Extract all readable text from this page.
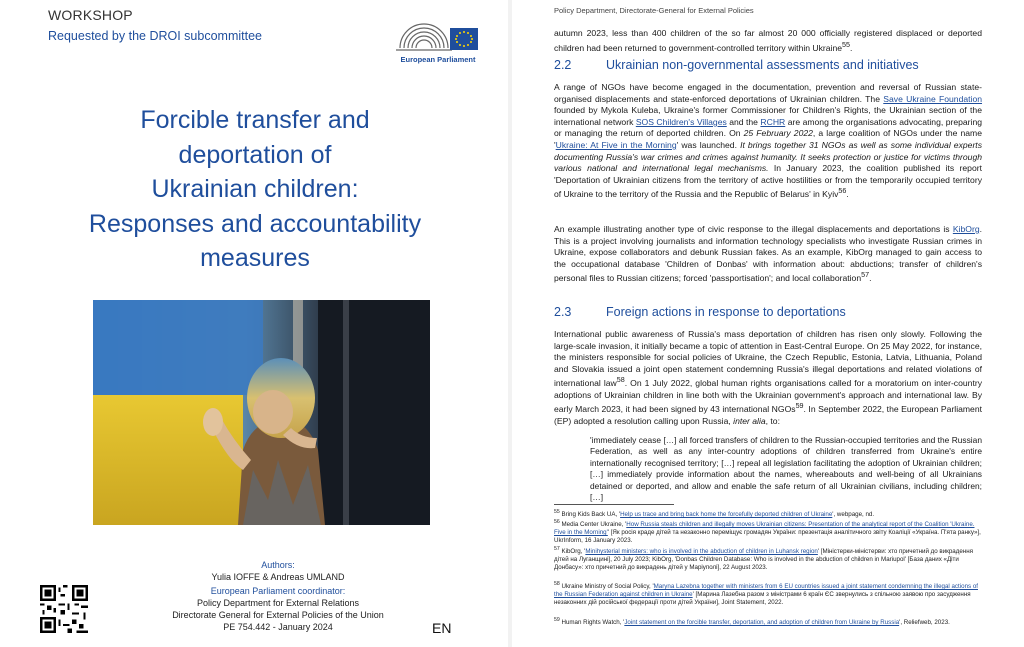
WORKSHOP
Requested by the DROI subcommittee
European Parliament
Forcible transfer and
deportation of
Ukrainian children:
Responses and accountability
measures
Authors:
Yulia IOFFE & Andreas UMLAND
European Parliament coordinator:
Policy Department for External Relations
Directorate General for External Policies of the Union
PE 754.442 - January 2024	EN
Policy Department, Directorate-General for External Policies
autumn 2023, less than 400 children of the so far almost 20 000 officially registered displaced or deported children had been returned to government-controlled territory within Ukraine$^{55}$.
2.2	Ukrainian non-governmental assessments and initiatives
A range of NGOs have become engaged in the documentation, prevention and reversal of Russian state-organised displacements and state-enforced deportations of Ukrainian children. The Save Ukraine Foundation founded by Mykola Kuleba, Ukraine's former Commissioner for Children's Rights, the Ukrainian section of the international network SOS Children's Villages and the RCHR are among the organisations advocating, preparing or managing the return of deported children. On 25 February 2022, a large coalition of NGOs under the name 'Ukraine: At Five in the Morning' was launched. It brings together 31 NGOs as well as some individual experts documenting Russia's war crimes and crimes against humanity. It seeks protection or justice for victims through various national and international legal mechanisms. In January 2023, the coalition published its report 'Deportation of Ukrainian citizens from the territory of active hostilities or from the temporarily occupied territory of Ukraine to the territory of the Russia and the Republic of Belarus' in Kyiv$^{56}$.
An example illustrating another type of civic response to the illegal displacements and deportations is KibOrg. This is a project involving journalists and information technology specialists who investigate Russian crimes in Ukraine, expose collaborators and debunk Russian fakes. As an example, KibOrg managed to gain access to the occupational database 'Children of Donbas' with information about: abductions; transfer of children's personal files to Russian citizens; forced 'passportisation'; and local collaboration$^{57}$.
2.3	Foreign actions in response to deportations
International public awareness of Russia's mass deportation of children has risen only slowly. Following the large-scale invasion, it initially became a topic of attention in East-Central Europe. On 25 May 2022, for instance, the ministers responsible for social policies of Ukraine, the Czech Republic, Estonia, Latvia, Lithuania, Poland and Slovakia issued a joint open statement condemning Russia's illegal deportations and related violations of international law$^{58}$. On 1 July 2022, global human rights organisations called for a moratorium on inter-country adoptions of Ukrainian children in line both with the Ukrainian government's approach and international law. By early March 2023, it had been signed by 43 international NGOs$^{59}$. In September 2022, the European Parliament (EP) adopted a resolution calling upon Russia, inter alia, to:
'immediately cease […] all forced transfers of children to the Russian-occupied territories and the Russian Federation, as well as any inter-country adoptions of children transferred from Ukraine's entire internationally recognised territory; […] repeal all legislation facilitating the adoption of Ukrainian children; […] immediately provide information about the names, whereabouts and well-being of all Ukrainians detained or deported, and allow and enable the safe return of all Ukrainian civilians, including children; […]
$^{55}$ Bring Kids Back UA, 'Help us trace and bring back home the forcefully deported children of Ukraine', webpage, nd.
$^{56}$ Media Center Ukraine, 'How Russia steals children and illegally moves Ukrainian citizens: Presentation of the analytical report of the Coalition 'Ukraine. Five in the Morning'' [Як росія краде дітей та незаконно переміщує громадян України: презентація аналітичного звіту Коаліції «Україна. П'ята ранку»], UkrInform, 16 January 2023.
$^{57}$ KibOrg, 'Minihysterial ministers: who is involved in the abduction of children in Luhansk region' [Міністерки-міністерви: хто причетний до викрадення дітей на Луганщині], 20 July 2023; KibOrg, 'Donbas Children Database: Who is involved in the abduction of children in Mariupol' [База даних «Діти Донбасу»: хто причетний до викрадень дітей у Маріуполі], 22 August 2023.
$^{58}$ Ukraine Ministry of Social Policy, 'Maryna Lazebna together with ministers from 6 EU countries issued a joint statement condemning the illegal actions of the Russian Federation against children in Ukraine' [Марина Лазебна разом з міністрами 6 країн ЄС звернулись з спільною заявою про засудження незаконних дій російської федерації проти дітей України], Joint Statement, 2022.
$^{59}$ Human Rights Watch, 'Joint statement on the forcible transfer, deportation, and adoption of children from Ukraine by Russia', Reliefweb, 2023.
